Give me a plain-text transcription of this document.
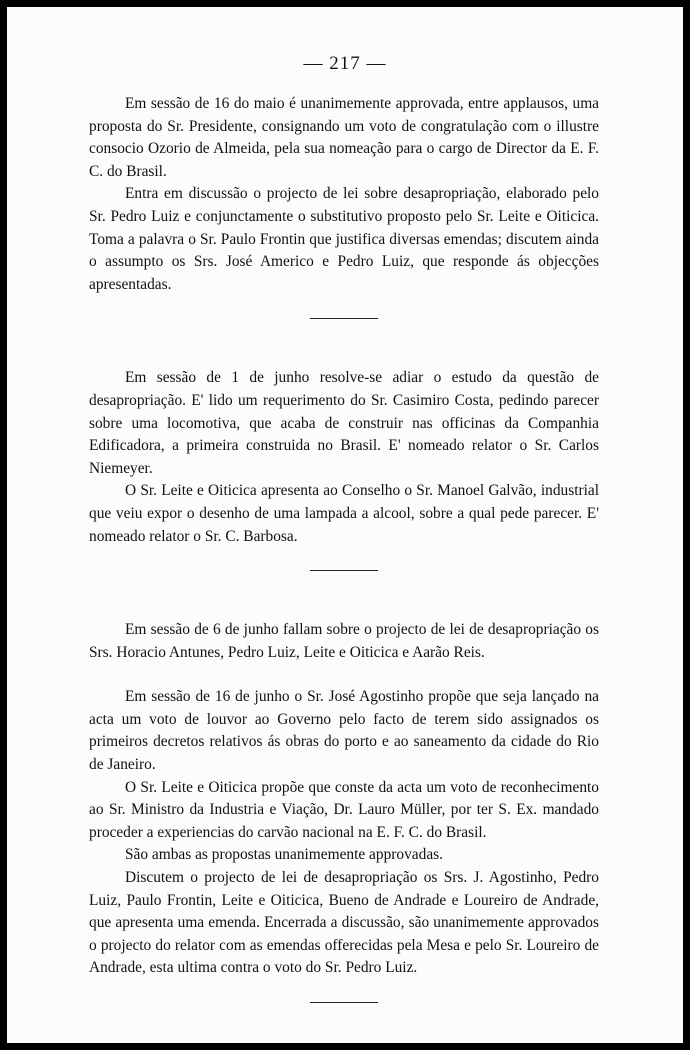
— 217 —

Em sessão de 16 do maio é unanimemente approvada, entre applausos, uma proposta do Sr. Presidente, consignando um voto de congratulação com o illustre consocio Ozorio de Almeida, pela sua nomeação para o cargo de Director da E. F. C. do Brasil.

Entra em discussão o projecto de lei sobre desapropriação, elaborado pelo Sr. Pedro Luiz e conjunctamente o substitutivo proposto pelo Sr. Leite e Oiticica. Toma a palavra o Sr. Paulo Frontin que justifica diversas emendas; discutem ainda o assumpto os Srs. José Americo e Pedro Luiz, que responde ás objecções apresentadas.

Em sessão de 1 de junho resolve-se adiar o estudo da questão de desapropriação. E' lido um requerimento do Sr. Casimiro Costa, pedindo parecer sobre uma locomotiva, que acaba de construir nas officinas da Companhia Edificadora, a primeira construida no Brasil. E' nomeado relator o Sr. Carlos Niemeyer.

O Sr. Leite e Oiticica apresenta ao Conselho o Sr. Manoel Galvão, industrial que veiu expor o desenho de uma lampada a alcool, sobre a qual pede parecer. E' nomeado relator o Sr. C. Barbosa.

Em sessão de 6 de junho fallam sobre o projecto de lei de desapropriação os Srs. Horacio Antunes, Pedro Luiz, Leite e Oiticica e Aarão Reis.

Em sessão de 16 de junho o Sr. José Agostinho propõe que seja lançado na acta um voto de louvor ao Governo pelo facto de terem sido assignados os primeiros decretos relativos ás obras do porto e ao saneamento da cidade do Rio de Janeiro.

O Sr. Leite e Oiticica propõe que conste da acta um voto de reconhecimento ao Sr. Ministro da Industria e Viação, Dr. Lauro Müller, por ter S. Ex. mandado proceder a experiencias do carvão nacional na E. F. C. do Brasil.

São ambas as propostas unanimemente approvadas.

Discutem o projecto de lei de desapropriação os Srs. J. Agostinho, Pedro Luiz, Paulo Frontin, Leite e Oiticica, Bueno de Andrade e Loureiro de Andrade, que apresenta uma emenda. Encerrada a discussão, são unanimemente approvados o projecto do relator com as emendas offerecidas pela Mesa e pelo Sr. Loureiro de Andrade, esta ultima contra o voto do Sr. Pedro Luiz.
